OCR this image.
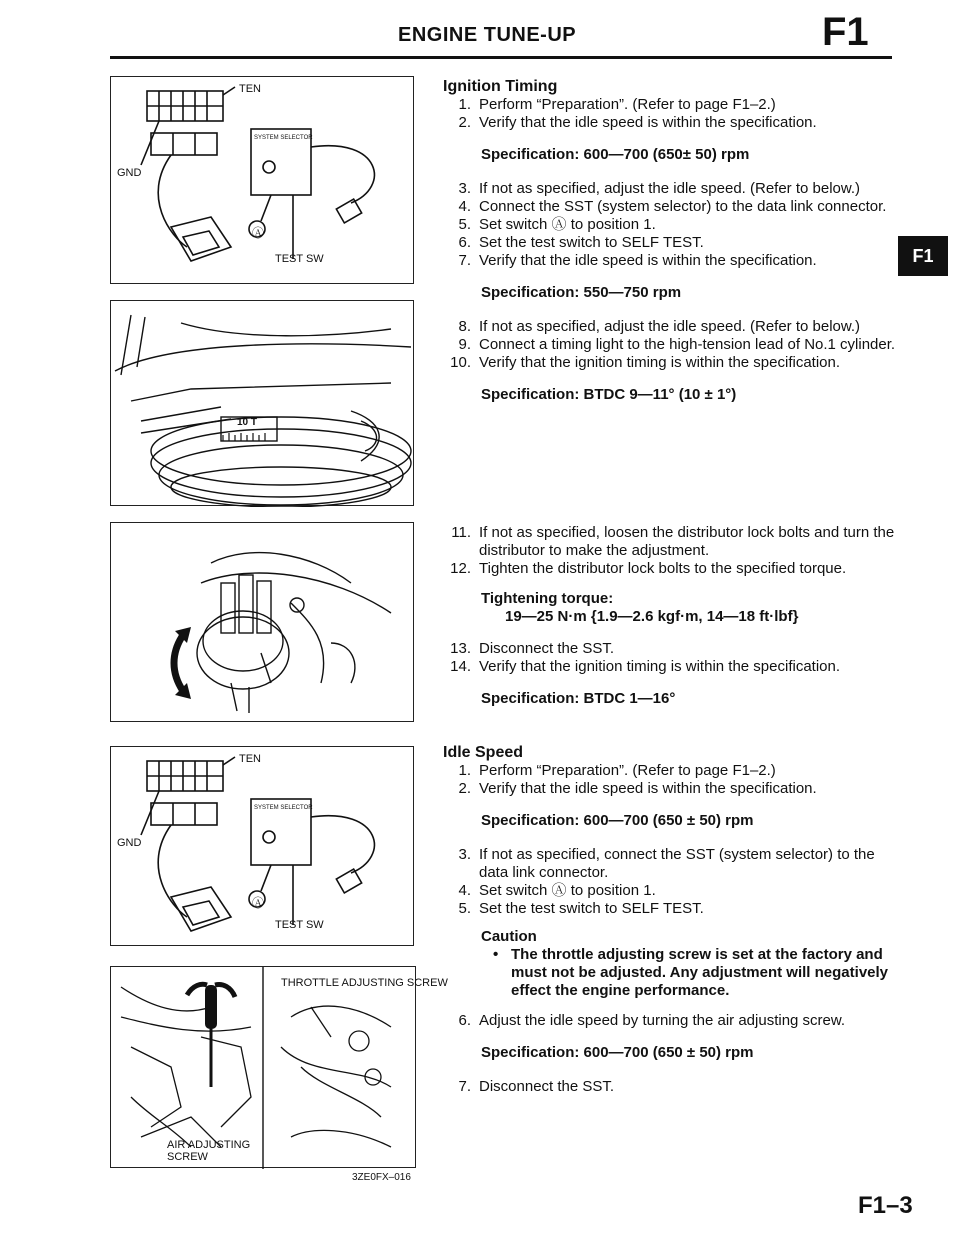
ENGINE TUNE-UP	F1
F1
TEN
GND
Ⓐ
TEST SW
SYSTEM SELECTOR
10 T
TEN
GND
Ⓐ
TEST SW
SYSTEM SELECTOR
THROTTLE ADJUSTING SCREW
AIR ADJUSTING SCREW
3ZE0FX–016
Ignition Timing
1. Perform “Preparation”. (Refer to page F1–2.)
2. Verify that the idle speed is within the specification.
Specification: 600—700 (650± 50) rpm
3. If not as specified, adjust the idle speed. (Refer to below.)
4. Connect the SST (system selector) to the data link connector.
5. Set switch Ⓐ to position 1.
6. Set the test switch to SELF TEST.
7. Verify that the idle speed is within the specification.
Specification: 550—750 rpm
8. If not as specified, adjust the idle speed. (Refer to below.)
9. Connect a timing light to the high-tension lead of No.1 cylinder.
10. Verify that the ignition timing is within the specification.
Specification: BTDC 9—11° (10 ± 1°)
11. If not as specified, loosen the distributor lock bolts and turn the distributor to make the adjustment.
12. Tighten the distributor lock bolts to the specified torque.
Tightening torque:
19—25 N·m {1.9—2.6 kgf·m, 14—18 ft·lbf}
13. Disconnect the SST.
14. Verify that the ignition timing is within the specification.
Specification: BTDC 1—16°
Idle Speed
1. Perform “Preparation”. (Refer to page F1–2.)
2. Verify that the idle speed is within the specification.
Specification: 600—700 (650 ± 50) rpm
3. If not as specified, connect the SST (system selector) to the data link connector.
4. Set switch Ⓐ to position 1.
5. Set the test switch to SELF TEST.
Caution
• The throttle adjusting screw is set at the factory and must not be adjusted. Any adjustment will negatively effect the engine performance.
6. Adjust the idle speed by turning the air adjusting screw.
Specification: 600—700 (650 ± 50) rpm
7. Disconnect the SST.
F1–3
